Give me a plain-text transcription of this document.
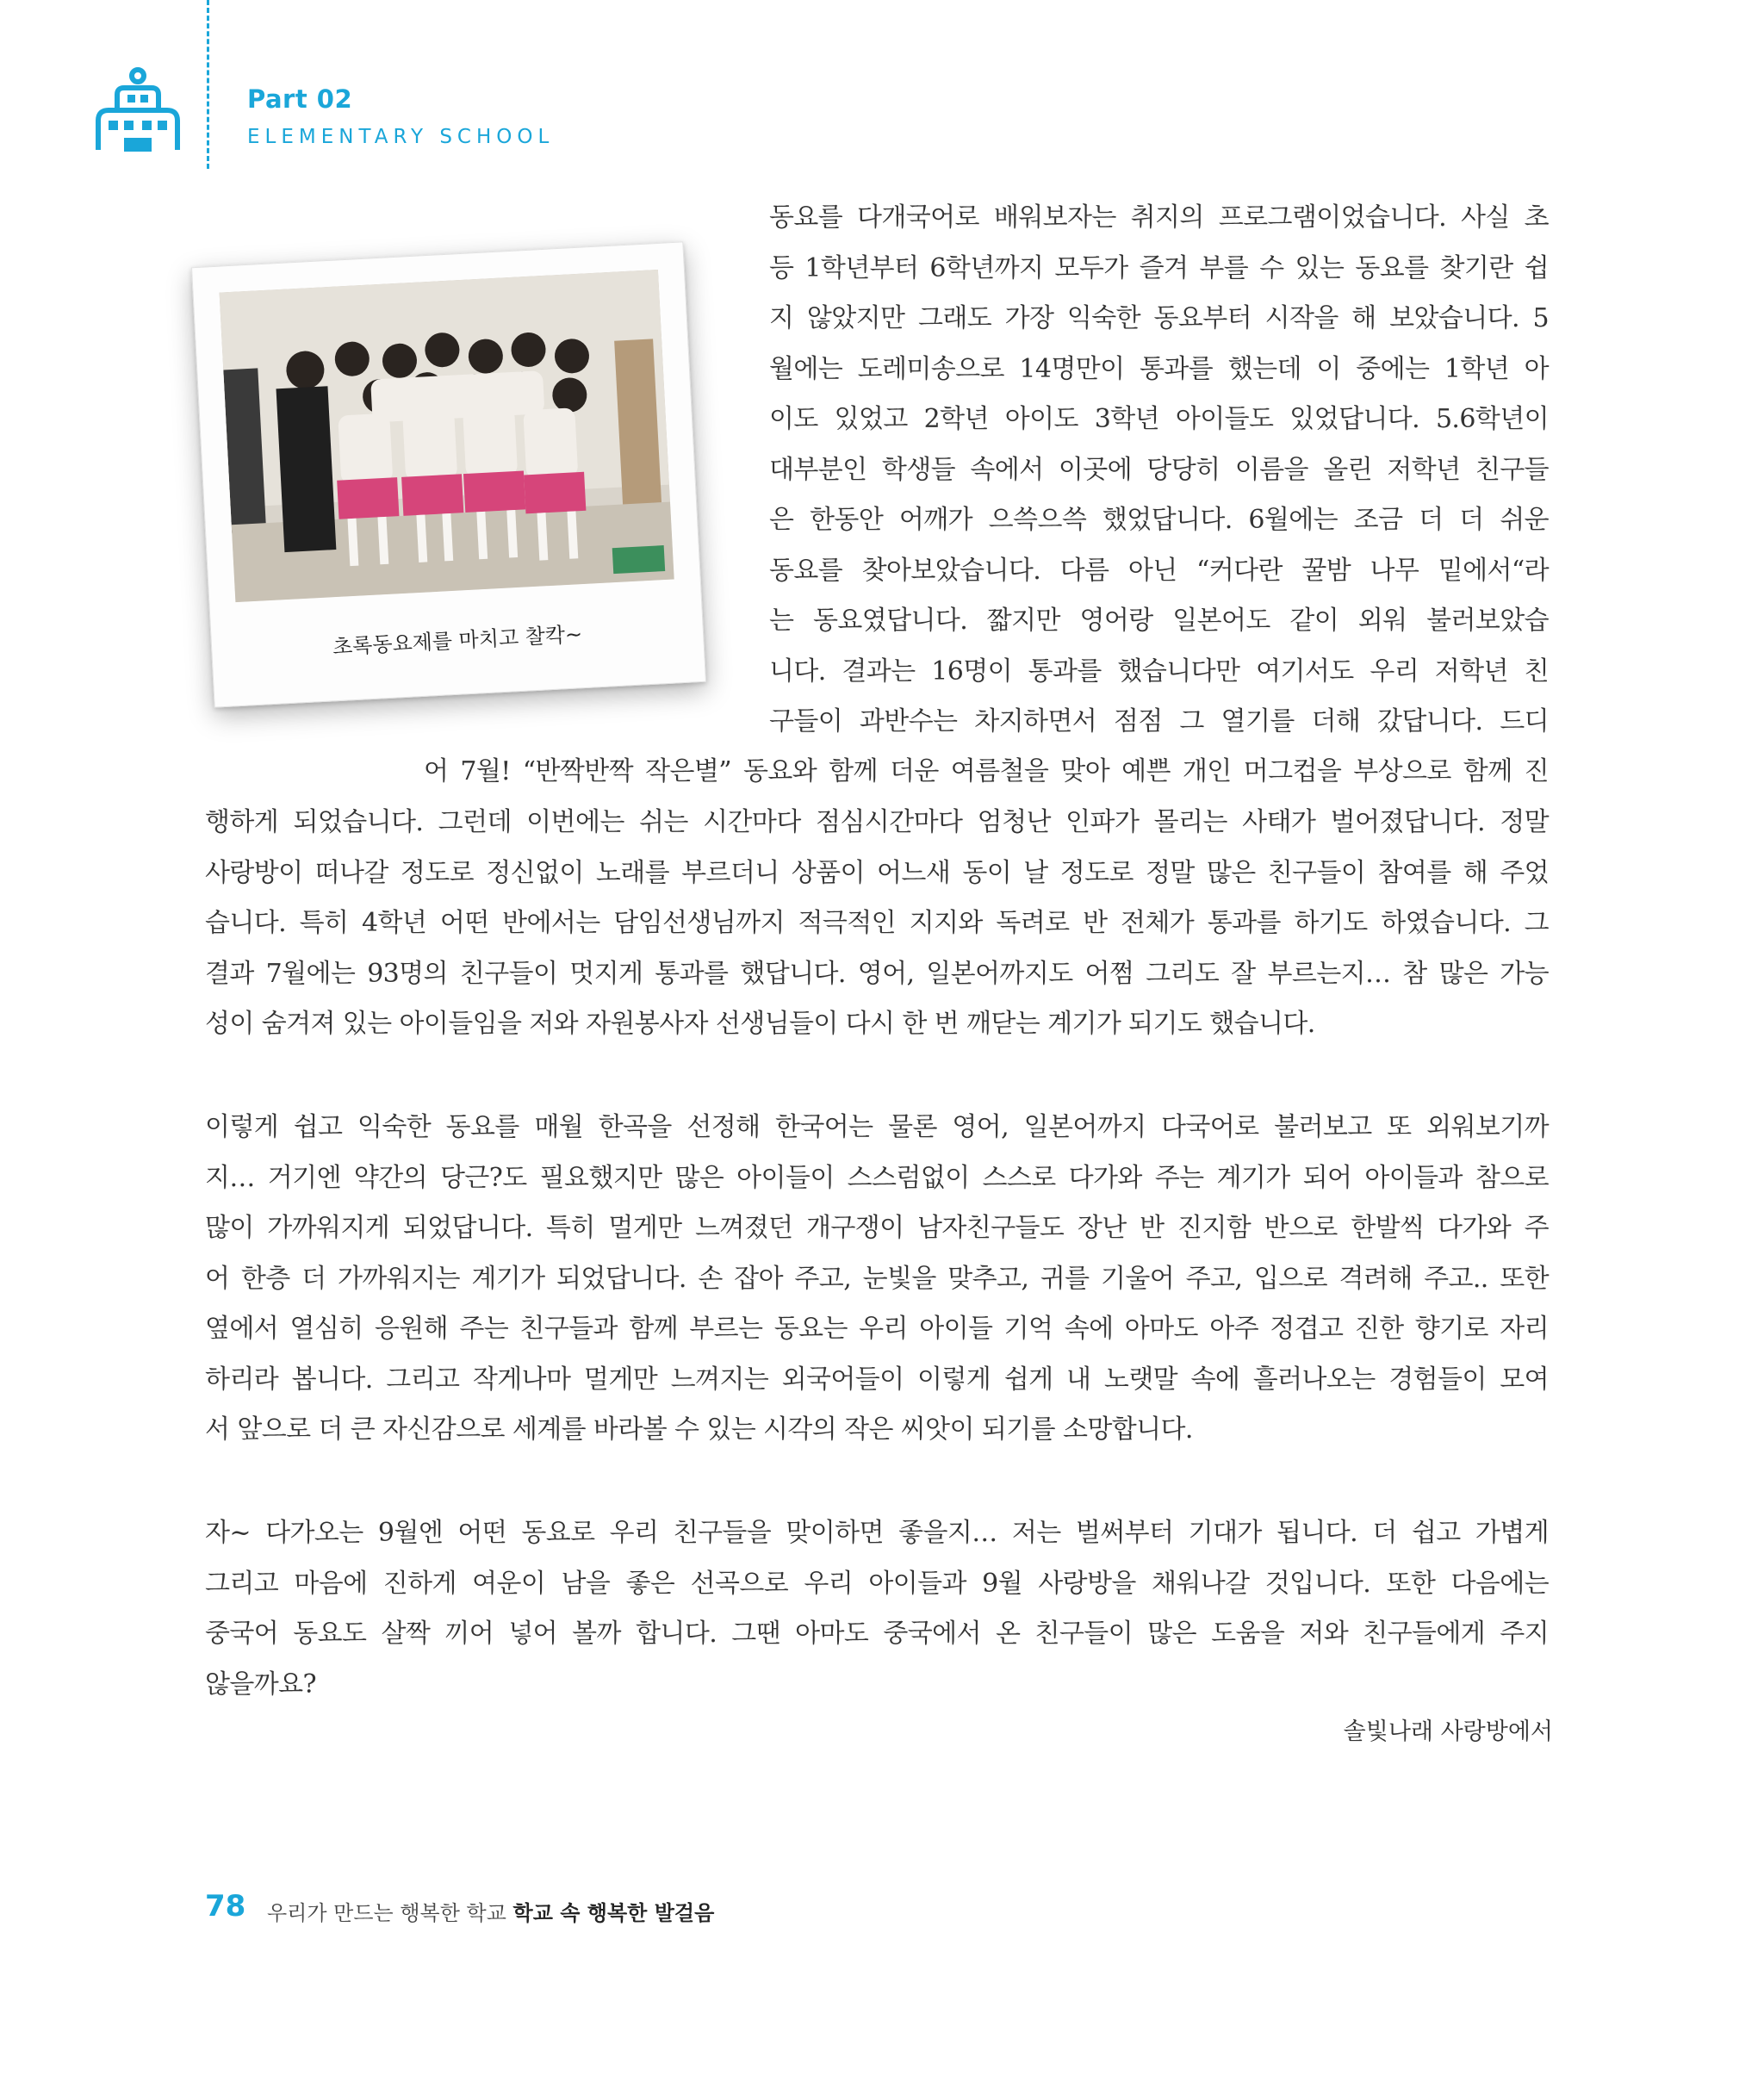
Part 02
ELEMENTARY SCHOOL
초록동요제를 마치고 찰칵~
동요를 다개국어로 배워보자는 취지의 프로그램이었습니다. 사실 초
등 1학년부터 6학년까지 모두가 즐겨 부를 수 있는 동요를 찾기란 쉽
지 않았지만 그래도 가장 익숙한 동요부터 시작을 해 보았습니다. 5
월에는 도레미송으로 14명만이 통과를 했는데 이 중에는 1학년 아
이도 있었고 2학년 아이도 3학년 아이들도 있었답니다. 5.6학년이
대부분인 학생들 속에서 이곳에 당당히 이름을 올린 저학년 친구들
은 한동안 어깨가 으쓱으쓱 했었답니다. 6월에는 조금 더 더 쉬운
동요를 찾아보았습니다. 다름 아닌 “커다란 꿀밤 나무 밑에서“라
는 동요였답니다. 짧지만 영어랑 일본어도 같이 외워 불러보았습
니다. 결과는 16명이 통과를 했습니다만 여기서도 우리 저학년 친
구들이 과반수는 차지하면서 점점 그 열기를 더해 갔답니다. 드디
어 7월! “반짝반짝 작은별” 동요와 함께 더운 여름철을 맞아 예쁜 개인 머그컵을 부상으로 함께 진
행하게 되었습니다. 그런데 이번에는 쉬는 시간마다 점심시간마다 엄청난 인파가 몰리는 사태가 벌어졌답니다. 정말
사랑방이 떠나갈 정도로 정신없이 노래를 부르더니 상품이 어느새 동이 날 정도로 정말 많은 친구들이 참여를 해 주었
습니다. 특히 4학년 어떤 반에서는 담임선생님까지 적극적인 지지와 독려로 반 전체가 통과를 하기도 하였습니다. 그
결과 7월에는 93명의 친구들이 멋지게 통과를 했답니다. 영어, 일본어까지도 어쩜 그리도 잘 부르는지… 참 많은 가능
성이 숨겨져 있는 아이들임을 저와 자원봉사자 선생님들이 다시 한 번 깨닫는 계기가 되기도 했습니다.
이렇게 쉽고 익숙한 동요를 매월 한곡을 선정해 한국어는 물론 영어, 일본어까지 다국어로 불러보고 또 외워보기까
지… 거기엔 약간의 당근?도 필요했지만 많은 아이들이 스스럼없이 스스로 다가와 주는 계기가 되어 아이들과 참으로
많이 가까워지게 되었답니다. 특히 멀게만 느껴졌던 개구쟁이 남자친구들도 장난 반 진지함 반으로 한발씩 다가와 주
어 한층 더 가까워지는 계기가 되었답니다. 손 잡아 주고, 눈빛을 맞추고, 귀를 기울어 주고, 입으로 격려해 주고.. 또한
옆에서 열심히 응원해 주는 친구들과 함께 부르는 동요는 우리 아이들 기억 속에 아마도 아주 정겹고 진한 향기로 자리
하리라 봅니다. 그리고 작게나마 멀게만 느껴지는 외국어들이 이렇게 쉽게 내 노랫말 속에 흘러나오는 경험들이 모여
서 앞으로 더 큰 자신감으로 세계를 바라볼 수 있는 시각의 작은 씨앗이 되기를 소망합니다.
자~ 다가오는 9월엔 어떤 동요로 우리 친구들을 맞이하면 좋을지… 저는 벌써부터 기대가 됩니다. 더 쉽고 가볍게
그리고 마음에 진하게 여운이 남을 좋은 선곡으로 우리 아이들과 9월 사랑방을 채워나갈 것입니다. 또한 다음에는
중국어 동요도 살짝 끼어 넣어 볼까 합니다. 그땐 아마도 중국에서 온 친구들이 많은 도움을 저와 친구들에게 주지
않을까요?
솔빛나래 사랑방에서
78 우리가 만드는 행복한 학교 학교 속 행복한 발걸음
